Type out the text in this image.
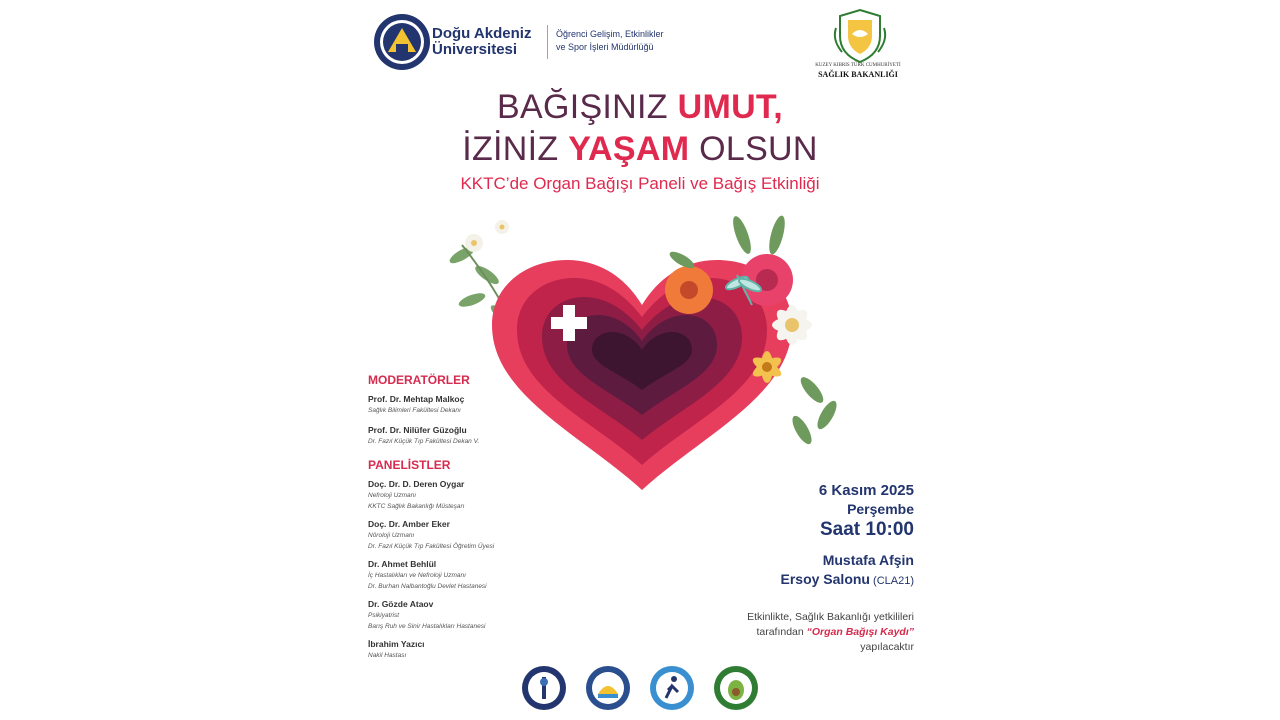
Doğu Akdeniz
Üniversitesi
Öğrenci Gelişim, Etkinlikler
ve Spor İşleri Müdürlüğü
KUZEY KIBRIS TÜRK CUMHURİYETİ
SAĞLIK BAKANLIĞI
BAĞIŞINIZ UMUT,
İZİNİZ YAŞAM OLSUN
KKTC’de Organ Bağışı Paneli ve Bağış Etkinliği
MODERATÖRLER
Prof. Dr. Mehtap Malkoç
Sağlık Bilimleri Fakültesi Dekanı
Prof. Dr. Nilüfer Güzoğlu
Dr. Fazıl Küçük Tıp Fakültesi Dekan V.
PANELİSTLER
Doç. Dr. D. Deren Oygar
Nefroloji Uzmanı
KKTC Sağlık Bakanlığı Müsteşarı
Doç. Dr. Amber Eker
Nöroloji Uzmanı
Dr. Fazıl Küçük Tıp Fakültesi Öğretim Üyesi
Dr. Ahmet Behlül
İç Hastalıkları ve Nefroloji Uzmanı
Dr. Burhan Nalbantoğlu Devlet Hastanesi
Dr. Gözde Ataov
Psikiyatrist
Barış Ruh ve Sinir Hastalıkları Hastanesi
İbrahim Yazıcı
Nakil Hastası
6 Kasım 2025
Perşembe
Saat 10:00
Mustafa Afşin
Ersoy Salonu (CLA21)
Etkinlikte, Sağlık Bakanlığı yetkilileri
tarafından “Organ Bağışı Kaydı”
yapılacaktır
